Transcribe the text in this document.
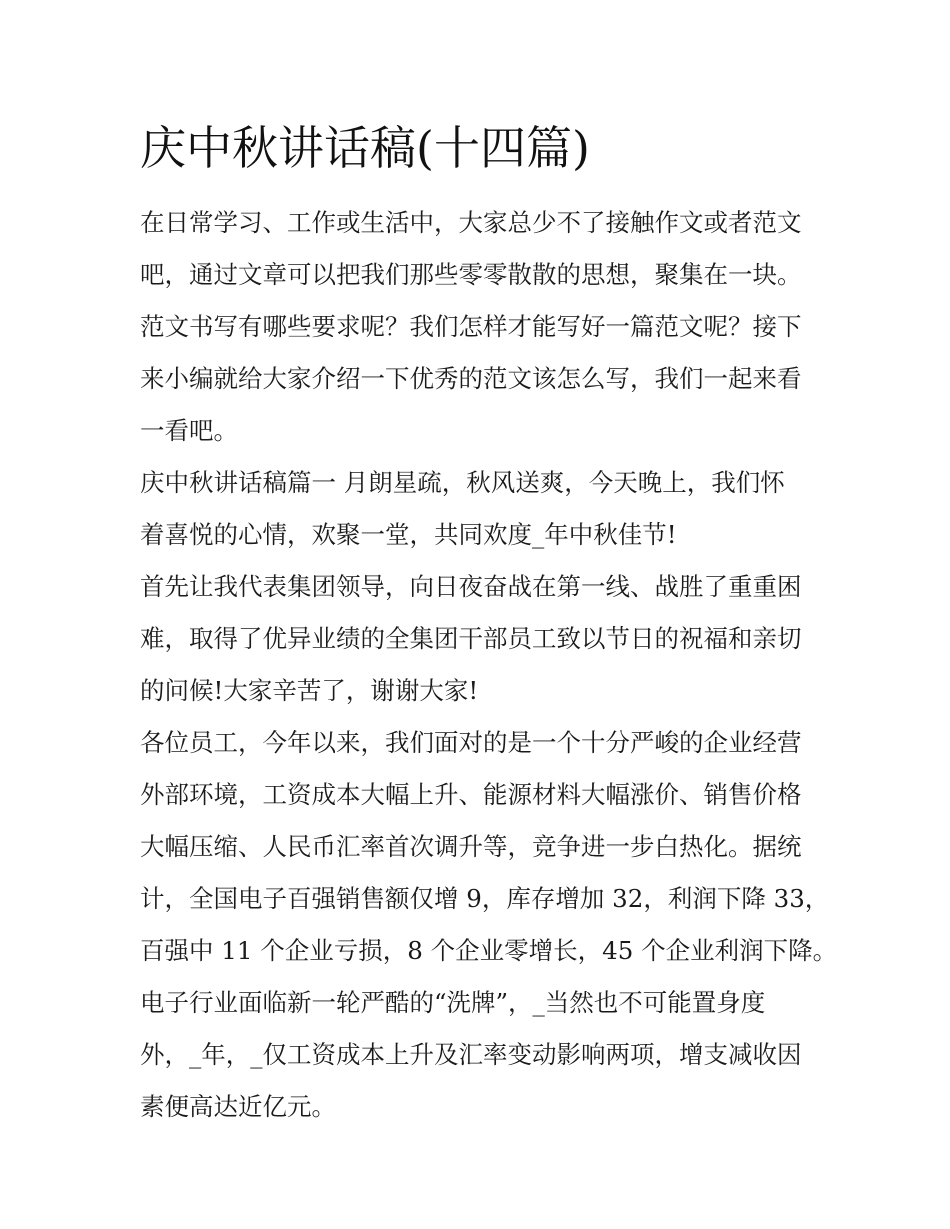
庆中秋讲话稿(十四篇)
在日常学习、工作或生活中，大家总少不了接触作文或者范文
吧，通过文章可以把我们那些零零散散的思想，聚集在一块。
范文书写有哪些要求呢？我们怎样才能写好一篇范文呢？接下
来小编就给大家介绍一下优秀的范文该怎么写，我们一起来看
一看吧。
庆中秋讲话稿篇一 月朗星疏，秋风送爽，今天晚上，我们怀
着喜悦的心情，欢聚一堂，共同欢度_年中秋佳节!
首先让我代表集团领导，向日夜奋战在第一线、战胜了重重困
难，取得了优异业绩的全集团干部员工致以节日的祝福和亲切
的问候!大家辛苦了，谢谢大家!
各位员工，今年以来，我们面对的是一个十分严峻的企业经营
外部环境，工资成本大幅上升、能源材料大幅涨价、销售价格
大幅压缩、人民币汇率首次调升等，竞争进一步白热化。据统
计，全国电子百强销售额仅增 9，库存增加 32，利润下降 33，
百强中 11 个企业亏损，8 个企业零增长，45 个企业利润下降。
电子行业面临新一轮严酷的“洗牌”，_当然也不可能置身度
外，_年，_仅工资成本上升及汇率变动影响两项，增支减收因
素便高达近亿元。
